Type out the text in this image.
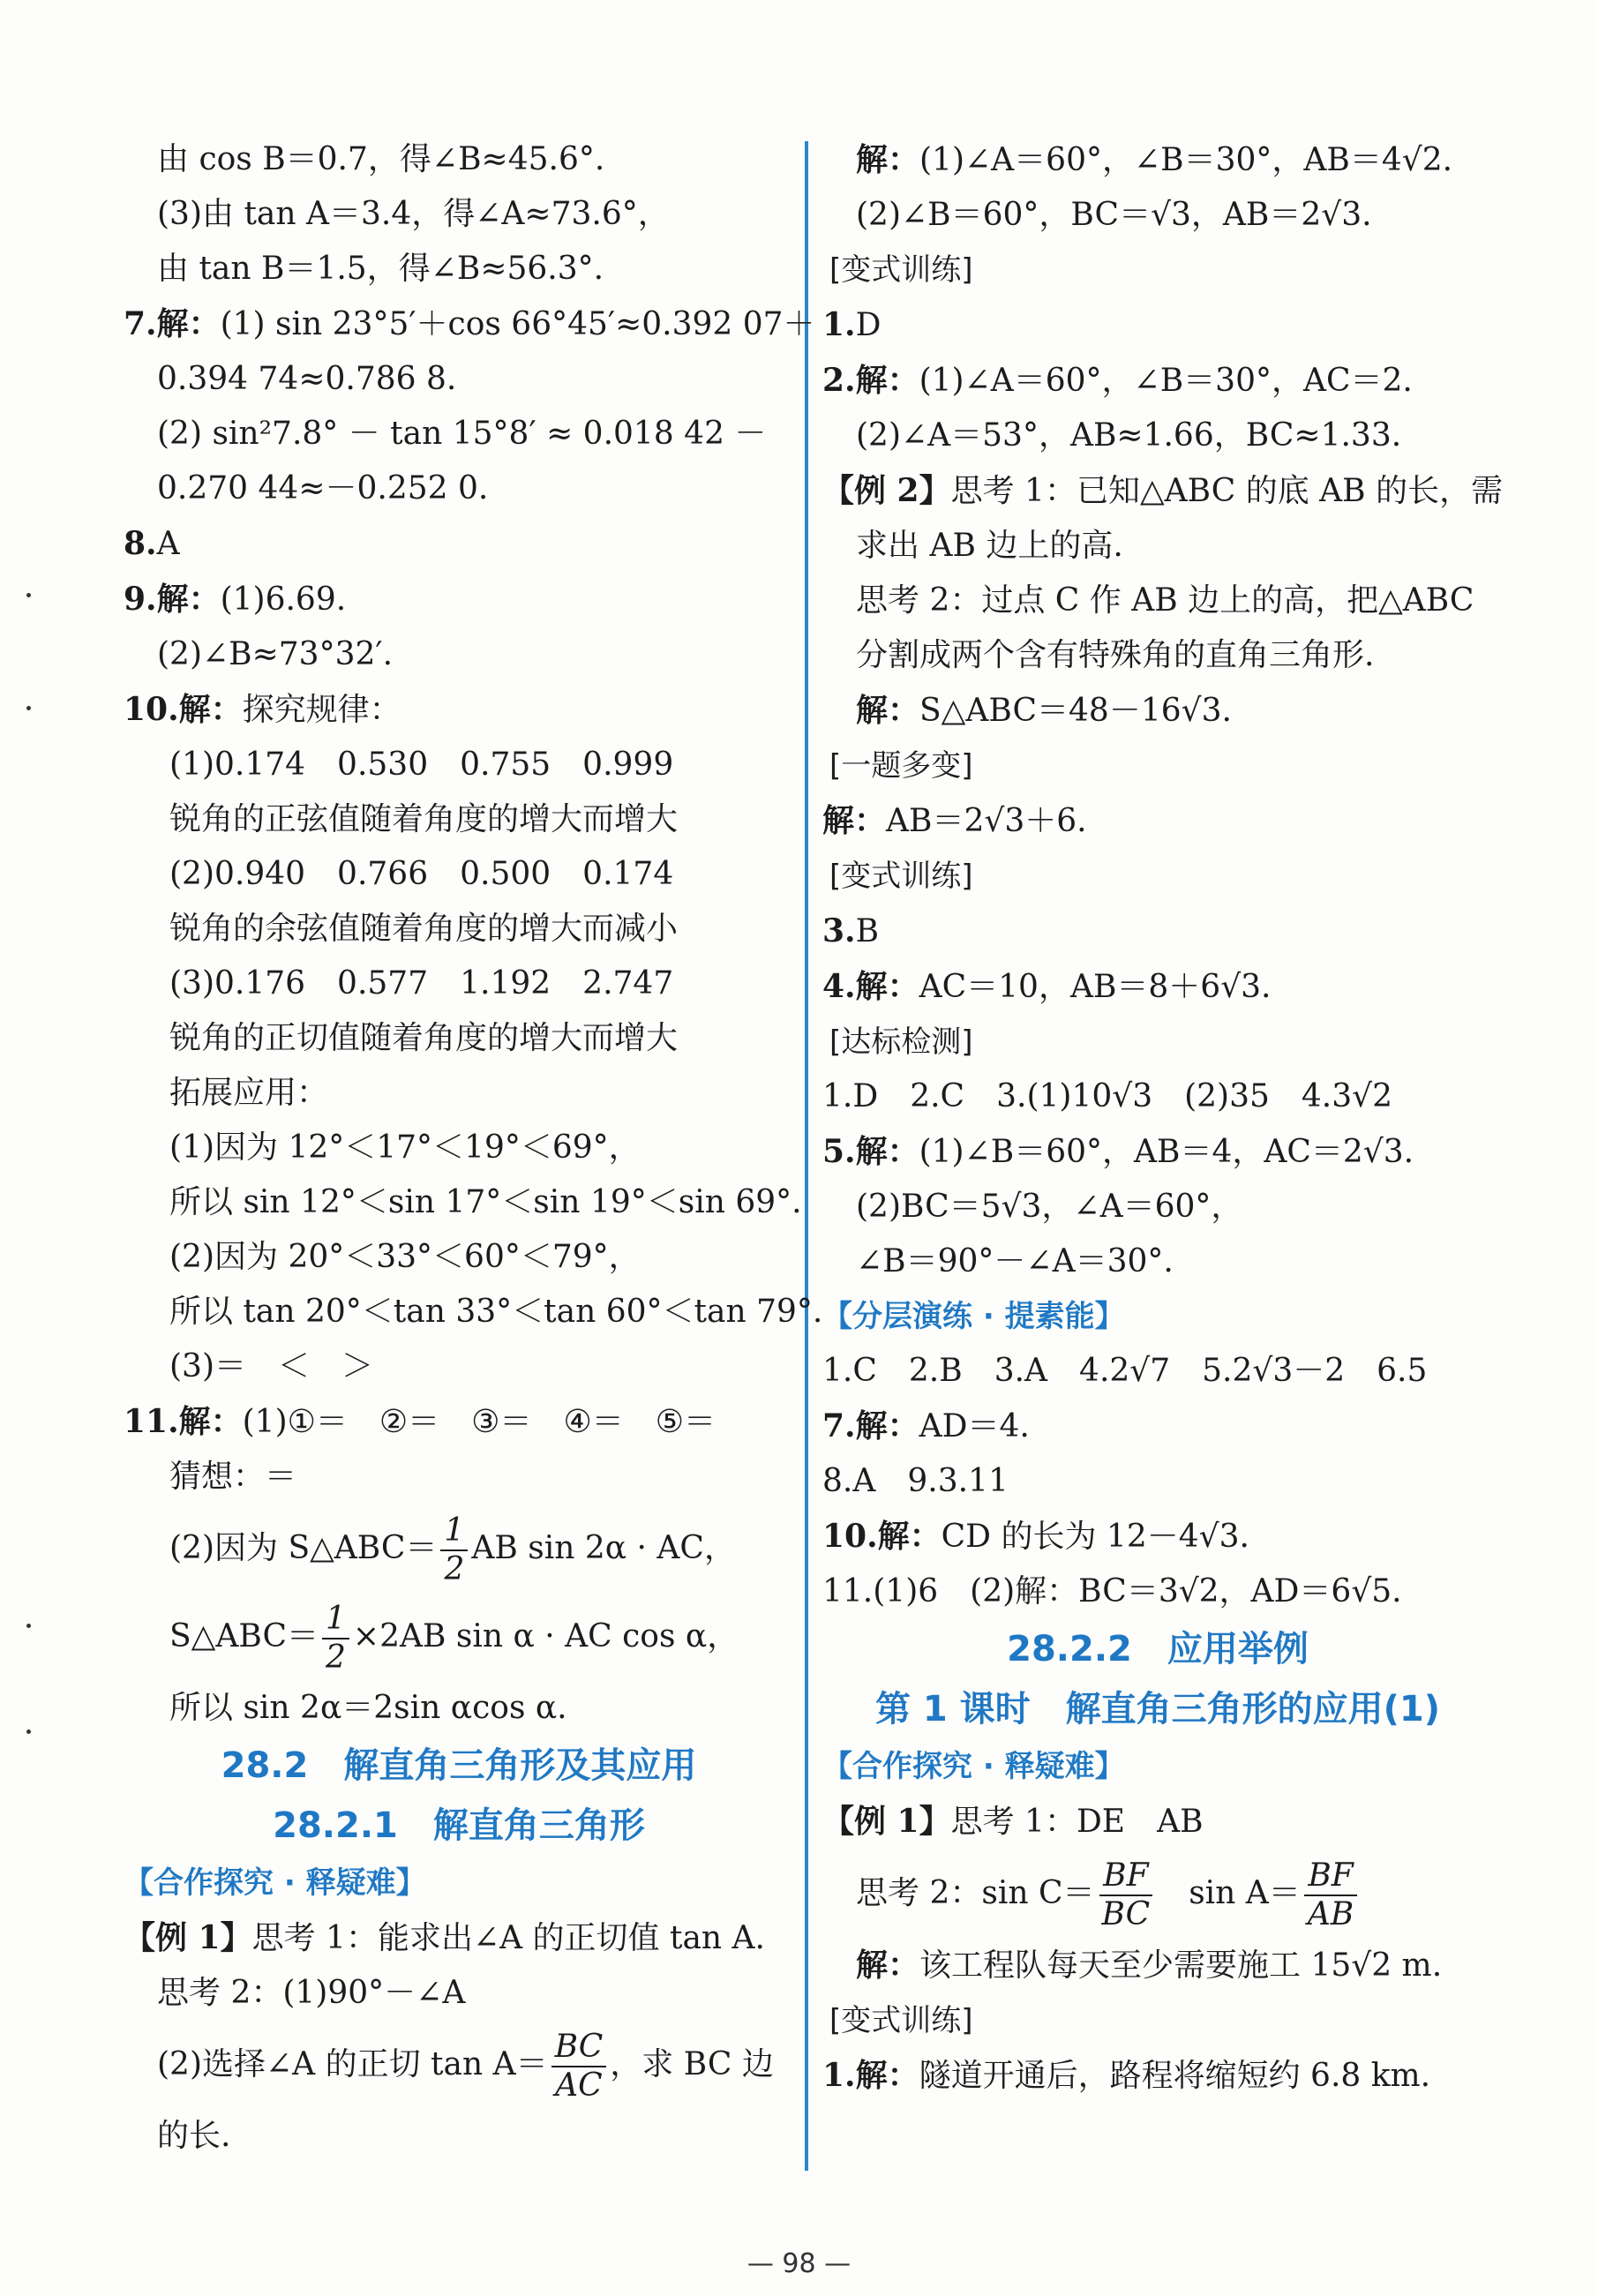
由 cos B＝0.7，得∠B≈45.6°.
(3)由 tan A＝3.4，得∠A≈73.6°，
由 tan B＝1.5，得∠B≈56.3°.
7.解：(1) sin 23°5′＋cos 66°45′≈0.392 07＋
0.394 74≈0.786 8.
(2) sin²7.8° － tan 15°8′ ≈ 0.018 42 －
0.270 44≈－0.252 0.
8.A
9.解：(1)6.69.
(2)∠B≈73°32′.
10.解：探究规律：
(1)0.174　0.530　0.755　0.999
锐角的正弦值随着角度的增大而增大
(2)0.940　0.766　0.500　0.174
锐角的余弦值随着角度的增大而减小
(3)0.176　0.577　1.192　2.747
锐角的正切值随着角度的增大而增大
拓展应用：
(1)因为 12°＜17°＜19°＜69°，
所以 sin 12°＜sin 17°＜sin 19°＜sin 69°.
(2)因为 20°＜33°＜60°＜79°，
所以 tan 20°＜tan 33°＜tan 60°＜tan 79°.
(3)＝　＜　＞
11.解：(1)①＝　②＝　③＝　④＝　⑤＝
猜想：＝
(2)因为 S△ABC＝ $\frac{1}{2}$ AB sin 2α · AC，
S△ABC＝ $\frac{1}{2} \times 2AB$ sin α · AC cos α，
所以 sin 2α＝2sin αcos α.
28.2　解直角三角形及其应用
28.2.1　解直角三角形
【合作探究 · 释疑难】
【例 1】思考 1：能求出∠A 的正切值 tan A.
思考 2：(1)90°－∠A
(2)选择∠A 的正切 $\tan A= \frac{BC}{AC}$ ，求 BC 边
的长.
解：(1)∠A＝60°，∠B＝30°，AB＝4√2.
(2)∠B＝60°，BC＝√3，AB＝2√3.
[变式训练]
1.D
2.解：(1)∠A＝60°，∠B＝30°，AC＝2.
(2)∠A＝53°，AB≈1.66，BC≈1.33.
【例 2】思考 1：已知△ABC 的底 AB 的长，需
求出 AB 边上的高.
思考 2：过点 C 作 AB 边上的高，把△ABC
分割成两个含有特殊角的直角三角形.
解：S△ABC＝48－16√3.
[一题多变]
解：AB＝2√3＋6.
[变式训练]
3.B
4.解：AC＝10，AB＝8＋6√3.
[达标检测]
1.D　2.C　3.(1)10√3　(2)35　4.3√2
5.解：(1)∠B＝60°，AB＝4，AC＝2√3.
(2)BC＝5√3，∠A＝60°，
∠B＝90°－∠A＝30°.
【分层演练 · 提素能】
1.C　2.B　3.A　4.2√7　5.2√3－2　6.5
7.解：AD＝4.
8.A　9.3.11
10.解：CD 的长为 12－4√3.
11.(1)6　(2)解：BC＝3√2，AD＝6√5.
28.2.2　应用举例
第 1 课时　解直角三角形的应用(1)
【合作探究 · 释疑难】
【例 1】思考 1：DE　AB
思考 2：$\sin C= \frac{BF}{BC}$ 　$\sin A= \frac{BF}{AB}$
解：该工程队每天至少需要施工 15√2 m.
[变式训练]
1.解：隧道开通后，路程将缩短约 6.8 km.
— 98 —
